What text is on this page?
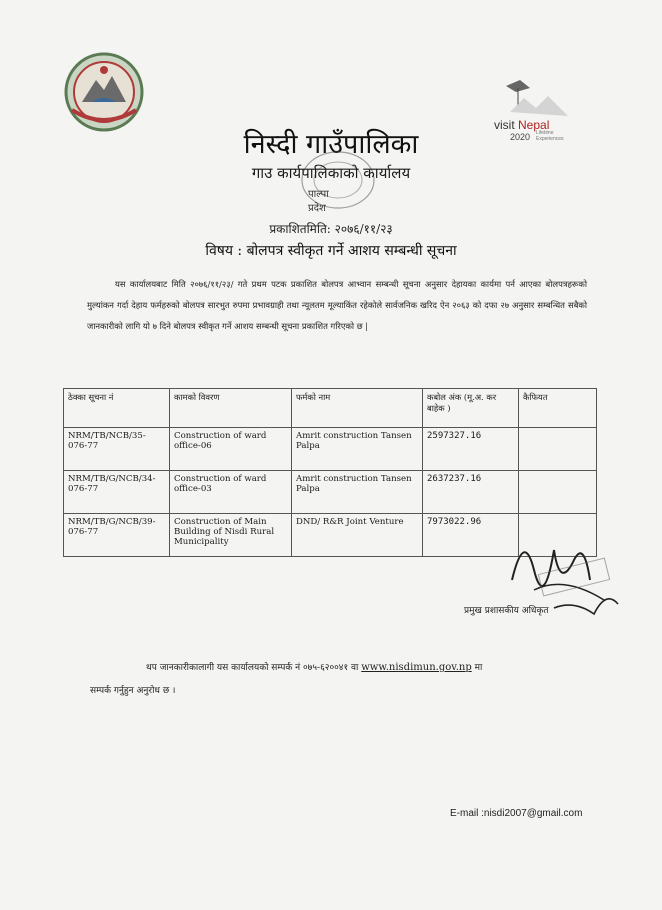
visit Nepal
2020 Lifetime Experiences
निस्दी गाउँपालिका
गाउ कार्यपालिकाको कार्यालय
पाल्पा
प्रदेश
प्रकाशितमिति: २०७६/११/२३
विषय : बोलपत्र स्वीकृत गर्ने आशय सम्बन्धी सूचना
यस कार्यालयबाट मिति २०७६/११/२३/ गते प्रथम पटक प्रकाशित बोलपत्र आभ्वान सम्बन्धी सूचना अनुसार देहायका कार्यमा पर्न आएका बोलपत्रहरूको मुल्यांकन गर्दा देहाय फर्महरुको बोलपत्र सारभुत रुपमा प्रभावग्राही तथा न्यूलतम मूल्याकिंत रहेकोले सार्वजनिक खरिद ऐन २०६३ को दफा २७ अनुसार सम्बन्धित सबैको जानकारीको लागि यो ७ दिने बोलपत्र स्वीकृत गर्ने आशय सम्बन्धी सूचना प्रकाशित गरिएको छ |
ठेक्का सूचना नं	कामको विवरण	फर्मको नाम	कबोल अंक (मू.अ. कर बाहेक )	कैफियत
NRM/TB/NCB/35-076-77	Construction of ward office-06	Amrit construction Tansen Palpa	2597327.16	
NRM/TB/G/NCB/34-076-77	Construction of ward office-03	Amrit construction Tansen Palpa	2637237.16	
NRM/TB/G/NCB/39-076-77	Construction of Main Building of Nisdi Rural Municipality	DND/ R&R Joint Venture	7973022.96	
प्रमुख प्रशासकीय अधिकृत
थप जानकारीकालागी यस कार्यालयको सम्पर्क नं ०७५-६२००४१ वा www.nisdimun.gov.np मा
सम्पर्क गर्नुहुन अनुरोध छ ।
E-mail :nisdi2007@gmail.com
